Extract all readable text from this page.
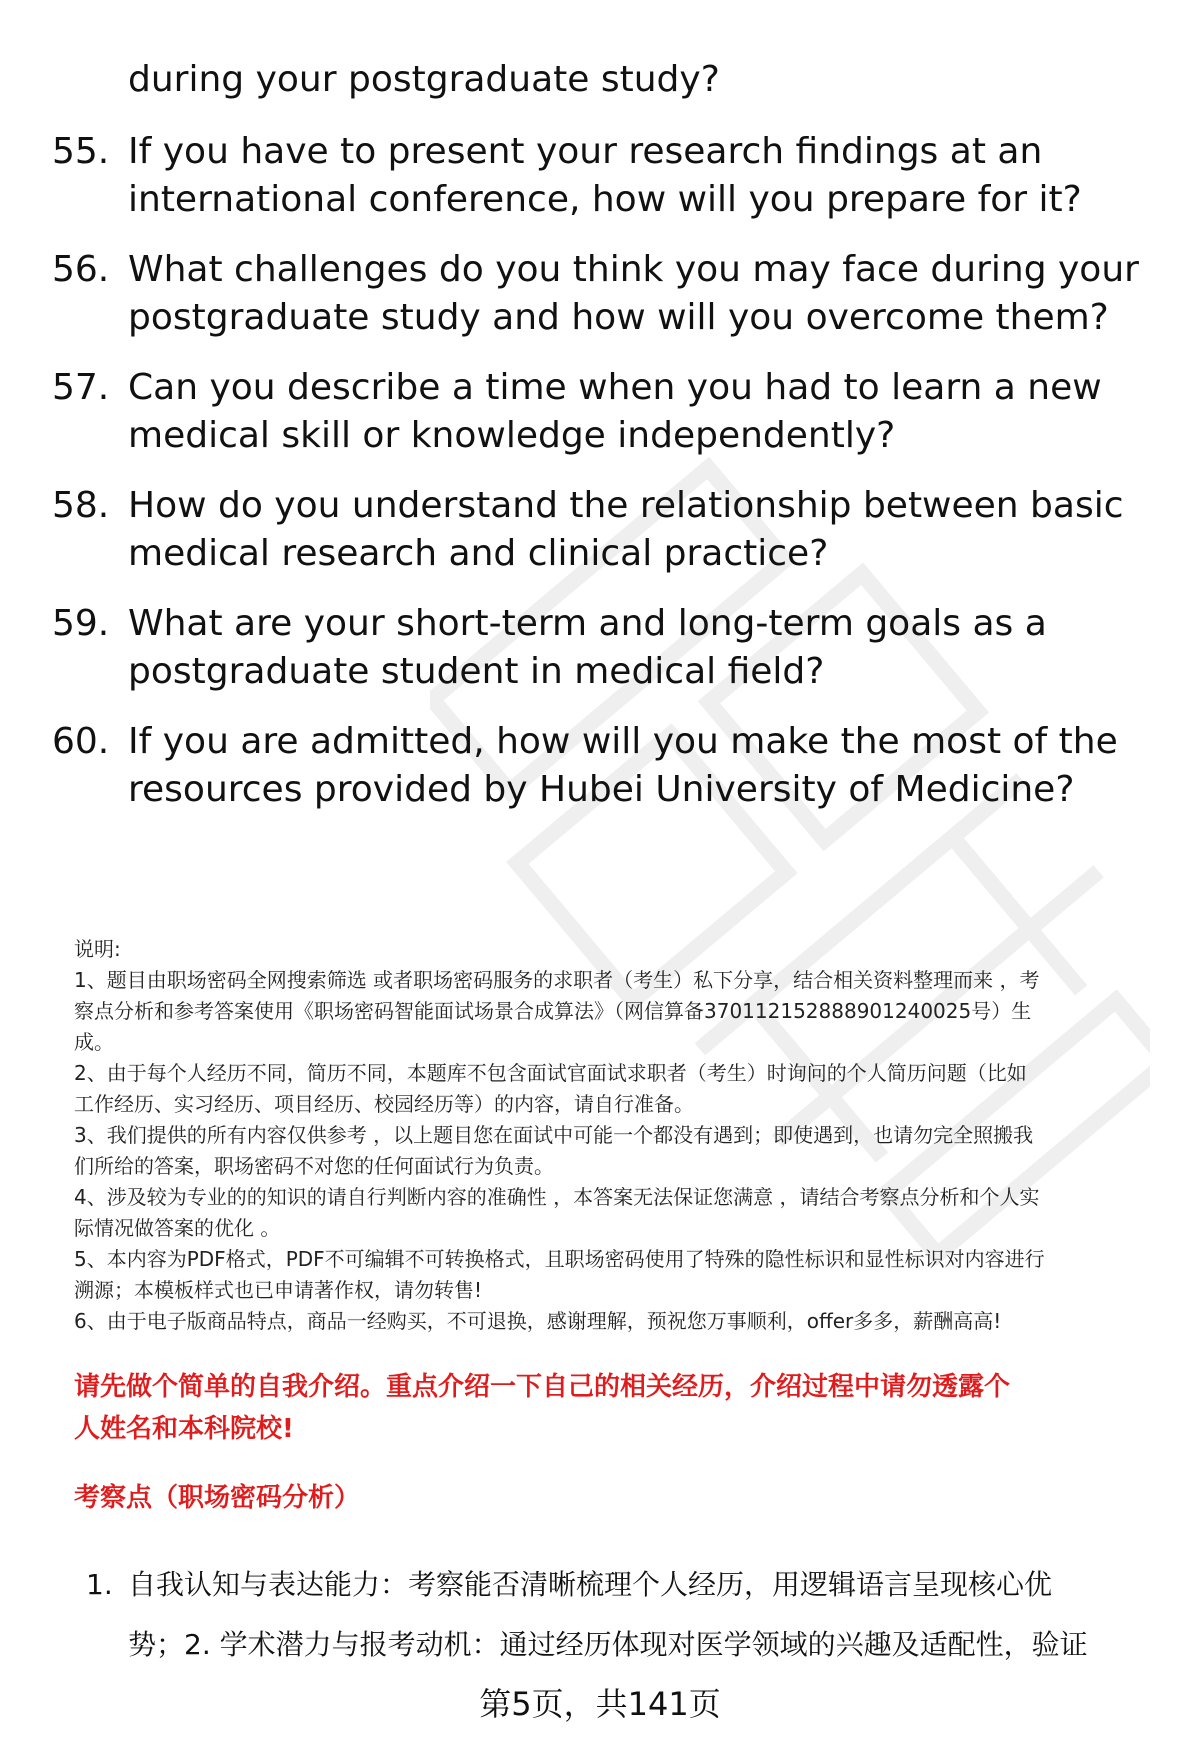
during your postgraduate study?
55. If you have to present your research findings at an
international conference, how will you prepare for it?
56. What challenges do you think you may face during your
postgraduate study and how will you overcome them?
57. Can you describe a time when you had to learn a new
medical skill or knowledge independently?
58. How do you understand the relationship between basic
medical research and clinical practice?
59. What are your short-term and long-term goals as a
postgraduate student in medical field?
60. If you are admitted, how will you make the most of the
resources provided by Hubei University of Medicine?
说明:
1、题目由职场密码全网搜索筛选 或者职场密码服务的求职者（考生）私下分享，结合相关资料整理而来 ，考
察点分析和参考答案使用《职场密码智能面试场景合成算法》（网信算备370112152888901240025号）生
成。
2、由于每个人经历不同，简历不同，本题库不包含面试官面试求职者（考生）时询问的个人简历问题（比如
工作经历、实习经历、项目经历、校园经历等）的内容，请自行准备。
3、我们提供的所有内容仅供参考 ，以上题目您在面试中可能一个都没有遇到；即使遇到，也请勿完全照搬我
们所给的答案，职场密码不对您的任何面试行为负责。
4、涉及较为专业的的知识的请自行判断内容的准确性 ，本答案无法保证您满意 ，请结合考察点分析和个人实
际情况做答案的优化 。
5、本内容为PDF格式，PDF不可编辑不可转换格式，且职场密码使用了特殊的隐性标识和显性标识对内容进行
溯源；本模板样式也已申请著作权，请勿转售!
6、由于电子版商品特点，商品一经购买，不可退换，感谢理解，预祝您万事顺利，offer多多，薪酬高高!
请先做个简单的自我介绍。重点介绍一下自己的相关经历，介绍过程中请勿透露个
人姓名和本科院校!
考察点（职场密码分析）
1. 自我认知与表达能力：考察能否清晰梳理个人经历，用逻辑语言呈现核心优
势；2. 学术潜力与报考动机：通过经历体现对医学领域的兴趣及适配性，验证
第5页，共141页
